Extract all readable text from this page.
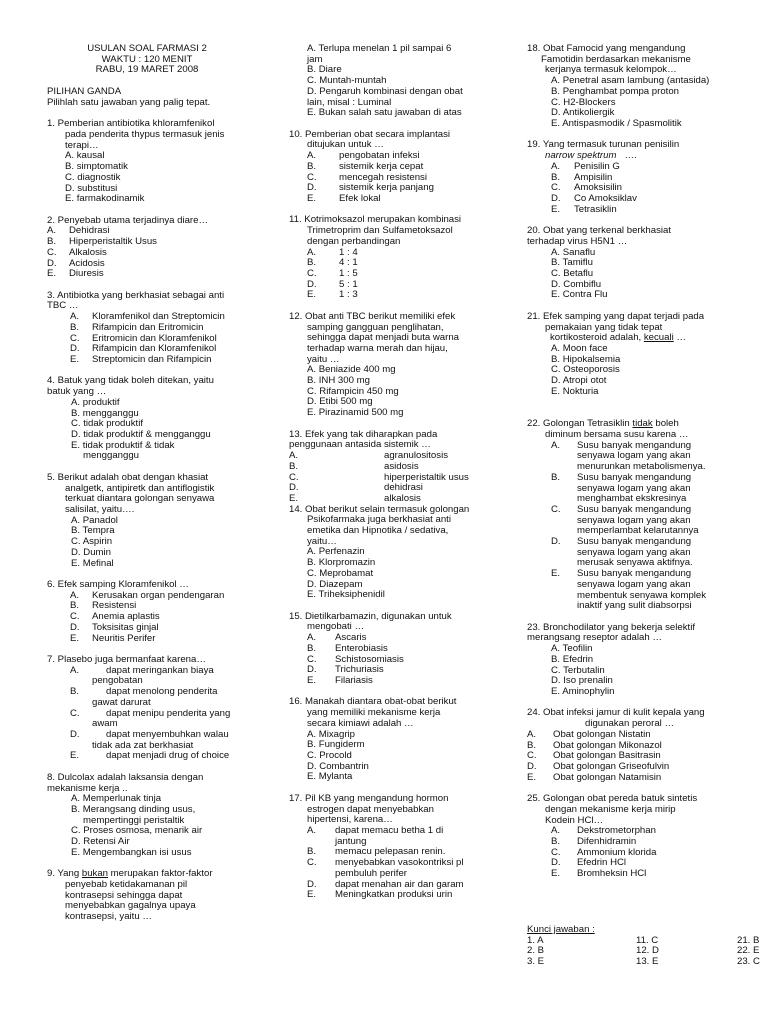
USULAN SOAL FARMASI 2
WAKTU : 120 MENIT
RABU, 19 MARET 2008
PILIHAN GANDA
Pilihlah satu jawaban yang palig tepat.
1. Pemberian antibiotika khloramfenikol
pada penderita thypus termasuk jenis
terapi…
A. kausal
B. simptomatik
C. diagnostik
D. substitusi
E. farmakodinamik
2. Penyebab utama terjadinya diare…
A.	Dehidrasi
B.	Hiperperistaltik Usus
C.	Alkalosis
D.	Acidosis
E.	Diuresis
3. Antibiotka yang berkhasiat sebagai anti
TBC …
A.	Kloramfenikol dan Streptomicin
B.	Rifampicin dan Eritromicin
C.	Eritromicin dan Kloramfenikol
D.	Rifampicin dan Kloramfenikol
E.	Streptomicin dan Rifampicin
4. Batuk yang tidak boleh ditekan, yaitu
batuk yang …
A. produktif
B. mengganggu
C. tidak produktif
D. tidak produktif & mengganggu
E. tidak produktif & tidak
mengganggu
5. Berikut adalah obat dengan khasiat
analgetk, antipiretk dan antiflogistik
terkuat diantara golongan senyawa
salisilat, yaitu….
A. Panadol
B. Tempra
C. Aspirin
D. Dumin
E. Mefinal
6. Efek samping Kloramfenikol …
A.	Kerusakan organ pendengaran
B.	Resistensi
C.	Anemia aplastis
D.	Toksisitas ginjal
E.	Neuritis Perifer
7. Plasebo juga bermanfaat karena…
A.	dapat meringankan biaya
pengobatan
B.	dapat menolong penderita
gawat darurat
C.	dapat menipu penderita yang
awam
D.	dapat menyembuhkan walau
tidak ada zat berkhasiat
E.	dapat menjadi drug of choice
8. Dulcolax adalah laksansia dengan
mekanisme kerja ..
A. Memperlunak tinja
B. Merangsang dinding usus,
mempertinggi peristaltik
C. Proses osmosa, menarik air
D. Retensi Air
E. Mengembangkan isi usus
9. Yang bukan merupakan faktor-faktor
penyebab ketidakamanan pil
kontrasepsi sehingga dapat
menyebabkan gagalnya upaya
kontrasepsi, yaitu …
A. Terlupa menelan 1 pil sampai 6
jam
B. Diare
C. Muntah-muntah
D. Pengaruh kombinasi dengan obat
lain, misal : Luminal
E. Bukan salah satu jawaban di atas
10. Pemberian obat secara implantasi
ditujukan untuk …
A.	pengobatan infeksi
B.	sistemik kerja cepat
C.	mencegah resistensi
D.	sistemik kerja panjang
E.	Efek lokal
11. Kotrimoksazol merupakan kombinasi
Trimetroprim dan Sulfametoksazol
dengan perbandingan
A.	1 : 4
B.	4 : 1
C.	1 : 5
D.	5 : 1
E.	1 : 3
12. Obat anti TBC berikut memiliki efek
samping gangguan penglihatan,
sehingga dapat menjadi buta warna
terhadap warna merah dan hijau,
yaitu …
A. Beniazide 400 mg
B. INH 300 mg
C. Rifampicin 450 mg
D. Etibi 500 mg
E. Pirazinamid 500 mg
13. Efek yang tak diharapkan pada
penggunaan antasida sistemik …
A.	agranulositosis
B.	asidosis
C.	hiperperistaltik usus
D.	dehidrasi
E.	alkalosis
14. Obat berikut selain termasuk golongan
Psikofarmaka juga berkhasiat anti
emetika dan Hipnotika / sedativa,
yaitu…
A. Perfenazin
B. Klorpromazin
C. Meprobamat
D. Diazepam
E. Triheksiphenidil
15. Dietilkarbamazin, digunakan untuk
mengobati …
A.	Ascaris
B.	Enterobiasis
C.	Schistosomiasis
D.	Trichuriasis
E.	Filariasis
16. Manakah diantara obat-obat berikut
yang memiliki mekanisme kerja
secara kimiawi adalah …
A. Mixagrip
B. Fungiderm
C. Procold
D. Combantrin
E. Mylanta
17. Pil KB yang mengandung hormon
estrogen dapat menyebabkan
hipertensi, karena…
A.	dapat memacu betha 1 di
jantung
B.	memacu pelepasan renin.
C.	menyebabkan vasokontriksi pl
pembuluh perifer
D.	dapat menahan air dan garam
E.	Meningkatkan produksi urin
18. Obat Famocid yang mengandung
Famotidin berdasarkan mekanisme
kerjanya termasuk kelompok…
A. Penetral asam lambung (antasida)
B. Penghambat pompa proton
C. H2-Blockers
D. Antikoliergik
E. Antispasmodik / Spasmolitik
19. Yang termasuk turunan penisilin
narrow spektrum   ….
A.	Penisilin G
B.	Ampisilin
C.	Amoksisilin
D.	Co Amoksiklav
E.	Tetrasiklin
20. Obat yang terkenal berkhasiat
terhadap virus H5N1 …
A. Sanaflu
B. Tamiflu
C. Betaflu
D. Combiflu
E. Contra Flu
21. Efek samping yang dapat terjadi pada
pemakaian yang tidak tepat
kortikosteroid adalah, kecuali …
A. Moon face
B. Hipokalsemia
C. Osteoporosis
D. Atropi otot
E. Nokturia
22. Golongan Tetrasiklin tidak boleh
diminum bersama susu karena …
A.	Susu banyak mengandung
senyawa logam yang akan
menurunkan metabolismenya.
B.	Susu banyak mengandung
senyawa logam yang akan
menghambat ekskresinya
C.	Susu banyak mengandung
senyawa logam yang akan
memperlambat kelarutannya
D.	Susu banyak mengandung
senyawa logam yang akan
merusak senyawa aktifnya.
E.	Susu banyak mengandung
senyawa logam yang akan
membentuk senyawa komplek
inaktif yang sulit diabsorpsi
23. Bronchodilator yang bekerja selektif
merangsang reseptor adalah …
A. Teofilin
B. Efedrin
C. Terbutalin
D. Iso prenalin
E. Aminophylin
24. Obat infeksi jamur di kulit kepala yang
digunakan peroral …
A.	Obat golongan Nistatin
B.	Obat golongan Mikonazol
C.	Obat golongan Basitrasin
D.	Obat golongan Griseofulvin
E.	Obat golongan Natamisin
25. Golongan obat pereda batuk sintetis
dengan mekanisme kerja mirip
Kodein HCl…
A.	Dekstrometorphan
B.	Difenhidramin
C.	Ammonium klorida
D.	Efedrin HCl
E.	Bromheksin HCl
Kunci jawaban :
1. A	11. C	21. B
2. B	12. D	22. E
3. E	13. E	23. C
